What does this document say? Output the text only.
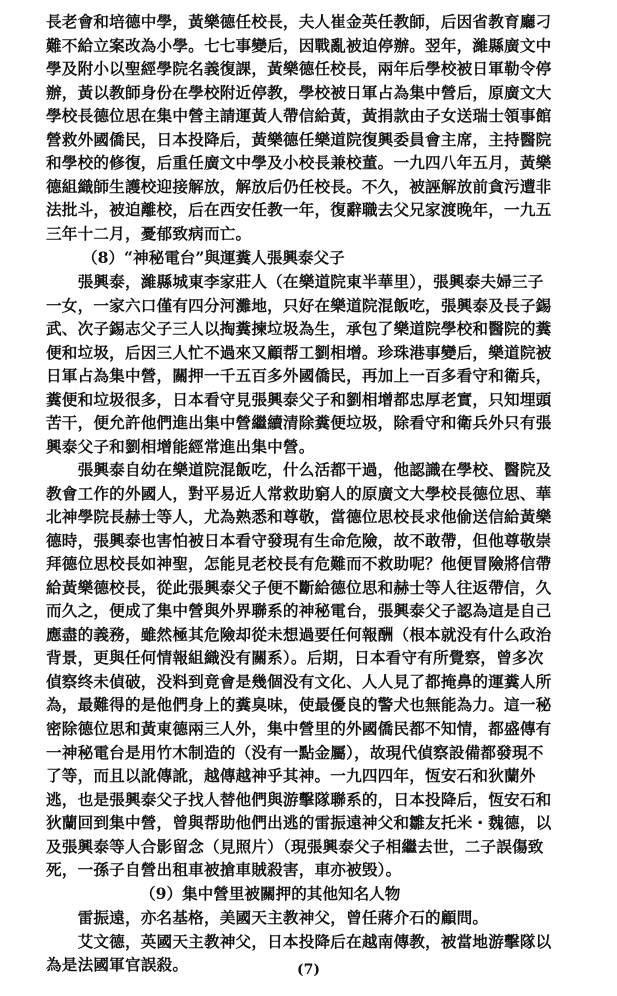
長老會和培德中學，黃樂德任校長，夫人崔金英任教師，后因省教育廳刁
難不給立案改為小學。七七事變后，因戰亂被迫停辦。翌年，濰縣廣文中
學及附小以聖經學院名義復課，黃樂德任校長，兩年后學校被日軍勒令停
辦，黃以教師身份在學校附近停教，學校被日軍占為集中營后，原廣文大
學校長德位思在集中營主請運黃人帶信給黃，黃捐款由子女送瑞士領事館
營救外國僑民，日本投降后，黃樂德任樂道院復興委員會主席，主持醫院
和學校的修復，后重任廣文中學及小校長兼校董。一九四八年五月，黃樂
德組織師生護校迎接解放，解放后仍任校長。不久，被誣解放前貪污遭非
法批斗，被迫離校，后在西安任教一年，復辭職去父兄家渡晚年，一九五
三年十二月，憂郁致病而亡。
（8）“神秘電台”與運糞人張興泰父子
　　張興泰，濰縣城東李家莊人（在樂道院東半華里），張興泰夫婦三子
一女，一家六口僅有四分河灘地，只好在樂道院混飯吃，張興泰及長子錫
武、次子錫志父子三人以掏糞揀垃圾為生，承包了樂道院學校和醫院的糞
便和垃圾，后因三人忙不過來又顧帮工劉相增。珍珠港事變后，樂道院被
日軍占為集中營，關押一千五百多外國僑民，再加上一百多看守和衛兵，
糞便和垃圾很多，日本看守見張興泰父子和劉相增都忠厚老實，只知埋頭
苦干，便允許他們進出集中營繼續清除糞便垃圾，除看守和衛兵外只有張
興泰父子和劉相增能經常進出集中營。
　　張興泰自幼在樂道院混飯吃，什么活都干過，他認識在學校、醫院及
教會工作的外國人，對平易近人常救助窮人的原廣文大學校長德位思、華
北神學院長赫士等人，尤為熟悉和尊敬，當德位思校長求他偷送信給黃樂
德時，張興泰也害怕被日本看守發現有生命危險，故不敢帶，但他尊敬崇
拜德位思校長如神聖，怎能見老校長有危難而不救助呢？他便冒險將信帶
給黃樂德校長，從此張興泰父子便不斷給德位思和赫士等人往返帶信，久
而久之，便成了集中營與外界聯系的神秘電台，張興泰父子認為這是自己
應盡的義務，雖然極其危險却從未想過要任何報酬（根本就没有什么政治
背景，更與任何情報組織没有關系）。后期，日本看守有所覺察，曾多次
偵察终未偵破，没料到竟會是幾個没有文化、人人見了都掩鼻的運糞人所
為，最難得的是他們身上的糞臭味，使最優良的警犬也無能為力。這一秘
密除德位思和黃東德兩三人外，集中營里的外國僑民都不知情，都盛傳有
一神秘電台是用竹木制造的（没有一點金屬），故現代偵察設備都發現不
了等，而且以訛傳訛，越傳越神乎其神。一九四四年，恆安石和狄蘭外
逃，也是張興泰父子找人替他們與游擊隊聯系的，日本投降后，恆安石和
狄蘭回到集中營，曾與帮助他們出逃的雷振遠神父和雛友托米・魏德，以
及張興泰等人合影留念（見照片）（現張興泰父子相繼去世，二子誤傷致
死，一孫子自營出租車被搶車賊殺害，車亦被毁）。
（9）集中營里被關押的其他知名人物
　　雷振遠，亦名基格，美國天主教神父，曾任蔣介石的顧問。
　　艾文德，英國天主教神父，日本投降后在越南傳教，被當地游擊隊以
為是法國軍官誤殺。	(7)
